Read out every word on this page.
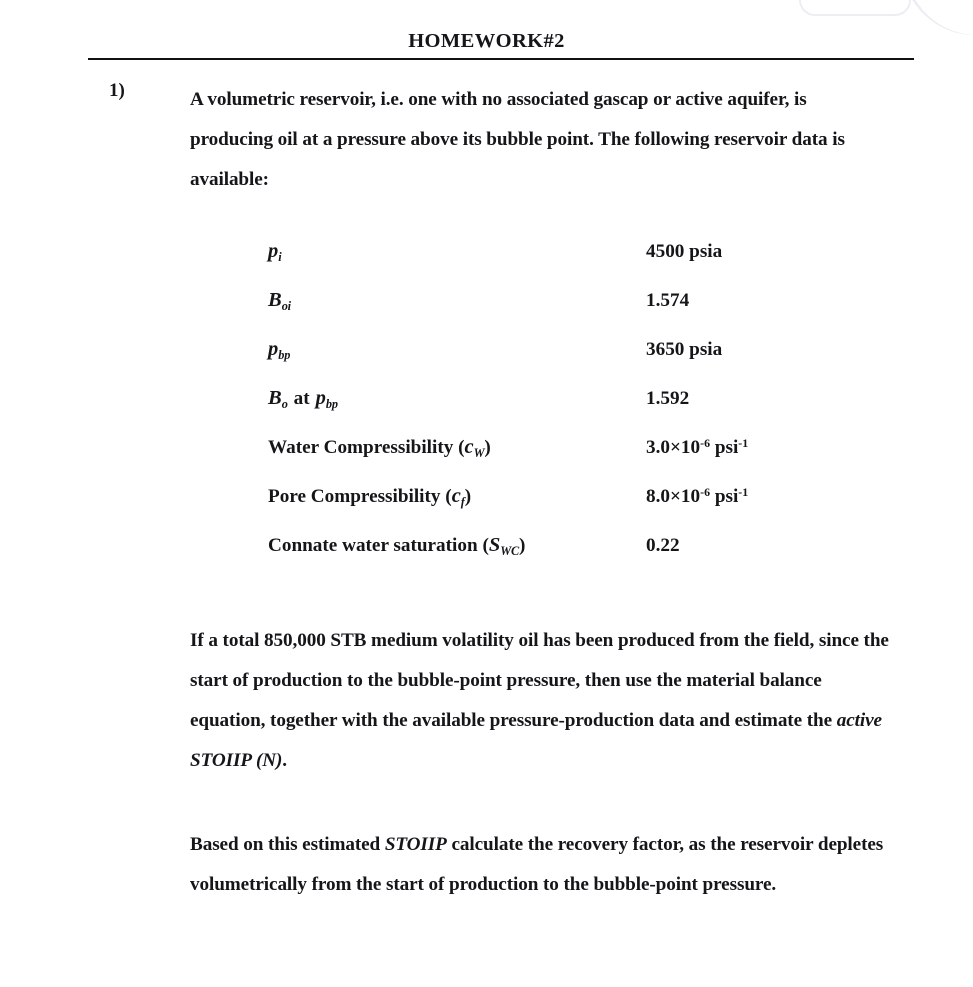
HOMEWORK#2
1)	A volumetric reservoir, i.e. one with no associated gascap or active aquifer, is producing oil at a pressure above its bubble point. The following reservoir data is available:
$p_i$	4500 psia
$B_{oi}$	1.574
$p_{bp}$	3650 psia
$B_o$ at $p_{bp}$	1.592
Water Compressibility $(c_W)$	$3.0\times 10^{-6}$ psi$^{-1}$
Pore Compressibility $(c_f)$	$8.0\times 10^{-6}$ psi$^{-1}$
Connate water saturation $(S_{WC})$	0.22
If a total 850,000 STB medium volatility oil has been produced from the field, since the start of production to the bubble-point pressure, then use the material balance equation, together with the available pressure-production data and estimate the active STOIIP (N).
Based on this estimated STOIIP calculate the recovery factor, as the reservoir depletes volumetrically from the start of production to the bubble-point pressure.
